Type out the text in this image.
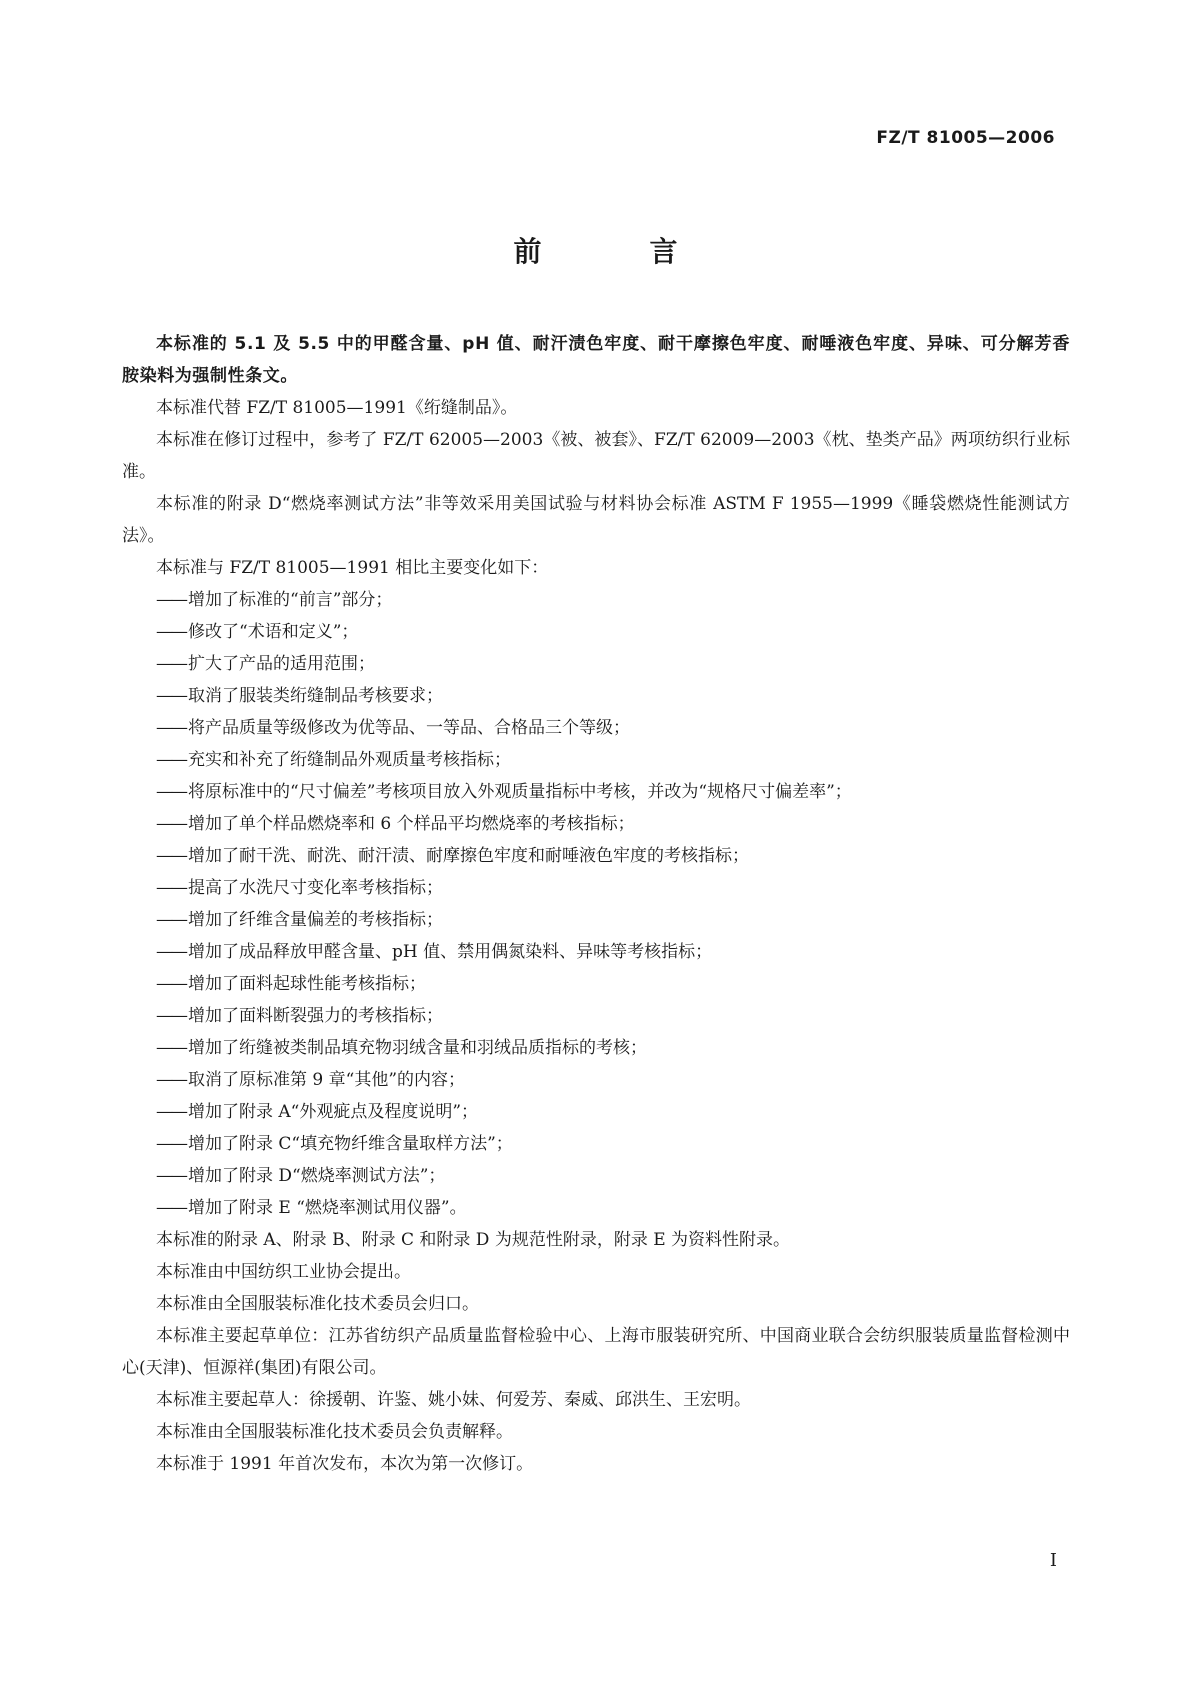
FZ/T 81005—2006
前　言

本标准的 5.1 及 5.5 中的甲醛含量、pH 值、耐汗渍色牢度、耐干摩擦色牢度、耐唾液色牢度、异味、可分解芳香胺染料为强制性条文。

本标准代替 FZ/T 81005—1991《绗缝制品》。

本标准在修订过程中，参考了 FZ/T 62005—2003《被、被套》、FZ/T 62009—2003《枕、垫类产品》两项纺织行业标准。

本标准的附录 D“燃烧率测试方法”非等效采用美国试验与材料协会标准 ASTM F 1955—1999《睡袋燃烧性能测试方法》。

本标准与 FZ/T 81005—1991 相比主要变化如下：

—— 增加了标准的“前言”部分；
—— 修改了“术语和定义”；
—— 扩大了产品的适用范围；
—— 取消了服装类绗缝制品考核要求；
—— 将产品质量等级修改为优等品、一等品、合格品三个等级；
—— 充实和补充了绗缝制品外观质量考核指标；
—— 将原标准中的“尺寸偏差”考核项目放入外观质量指标中考核，并改为“规格尺寸偏差率”；
—— 增加了单个样品燃烧率和 6 个样品平均燃烧率的考核指标；
—— 增加了耐干洗、耐洗、耐汗渍、耐摩擦色牢度和耐唾液色牢度的考核指标；
—— 提高了水洗尺寸变化率考核指标；
—— 增加了纤维含量偏差的考核指标；
—— 增加了成品释放甲醛含量、pH 值、禁用偶氮染料、异味等考核指标；
—— 增加了面料起球性能考核指标；
—— 增加了面料断裂强力的考核指标；
—— 增加了绗缝被类制品填充物羽绒含量和羽绒品质指标的考核；
—— 取消了原标准第 9 章“其他”的内容；
—— 增加了附录 A“外观疵点及程度说明”；
—— 增加了附录 C“填充物纤维含量取样方法”；
—— 增加了附录 D“燃烧率测试方法”；
—— 增加了附录 E “燃烧率测试用仪器”。

本标准的附录 A、附录 B、附录 C 和附录 D 为规范性附录，附录 E 为资料性附录。

本标准由中国纺织工业协会提出。

本标准由全国服装标准化技术委员会归口。

本标准主要起草单位：江苏省纺织产品质量监督检验中心、上海市服装研究所、中国商业联合会纺织服装质量监督检测中心(天津)、恒源祥(集团)有限公司。

本标准主要起草人：徐援朝、许鉴、姚小妹、何爱芳、秦威、邱洪生、王宏明。

本标准由全国服装标准化技术委员会负责解释。

本标准于 1991 年首次发布，本次为第一次修订。

I
